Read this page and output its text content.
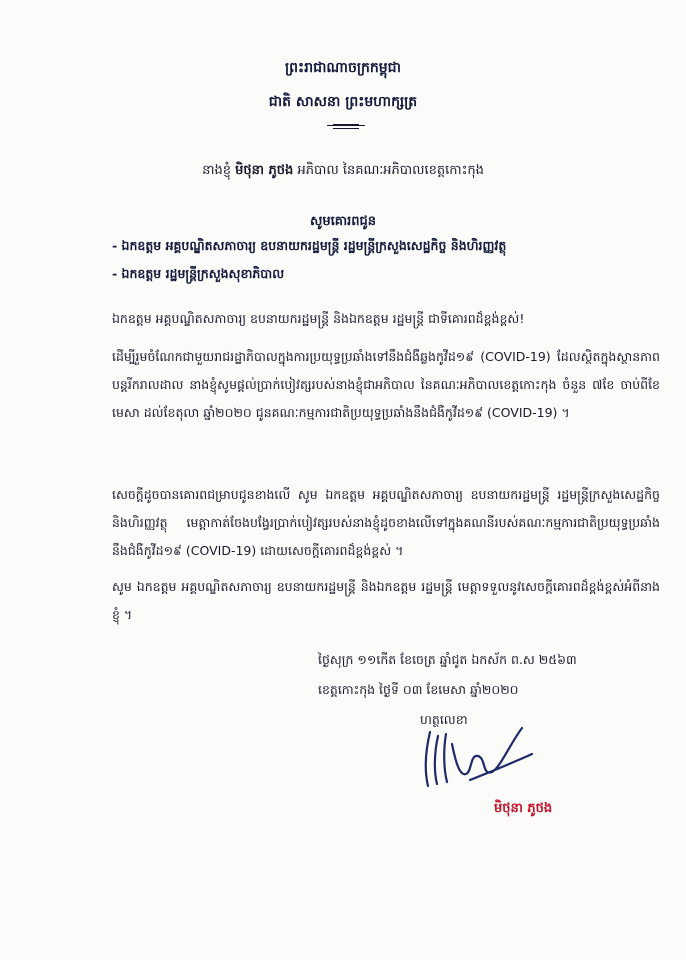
ព្រះរាជាណាចក្រកម្ពុជា
ជាតិ សាសនា ព្រះមហាក្សត្រ
នាងខ្ញុំ មិថុនា ភូថង អភិបាល នៃគណៈអភិបាលខេត្តកោះកុង
សូមគោរពជូន
- ឯកឧត្តម អគ្គបណ្ឌិតសភាចារ្យ ឧបនាយករដ្ឋមន្ត្រី រដ្ឋមន្ត្រីក្រសួងសេដ្ឋកិច្ច និងហិរញ្ញវត្ថុ
- ឯកឧត្តម រដ្ឋមន្ត្រីក្រសួងសុខាភិបាល

ឯកឧត្តម អគ្គបណ្ឌិតសភាចារ្យ ឧបនាយករដ្ឋមន្ត្រី និងឯកឧត្តម រដ្ឋមន្ត្រី ជាទីគោរពដ៏ខ្ពង់ខ្ពស់!

ដើម្បីរួមចំណែកជាមួយរាជរដ្ឋាភិបាលក្នុងការប្រយុទ្ធប្រឆាំងទៅនឹងជំងឺឆ្លងកូវីដ១៩ (COVID-19) ដែលស្ថិតក្នុងស្ថានភាពបន្តរីករាលដាល នាងខ្ញុំសូមផ្តល់ប្រាក់បៀវត្សរបស់នាងខ្ញុំជាអភិបាល នៃគណៈអភិបាលខេត្តកោះកុង ចំនួន ៧ខែ ចាប់ពីខែមេសា ដល់ខែតុលា ឆ្នាំ២០២០ ជូនគណៈកម្មការជាតិប្រយុទ្ធប្រឆាំងនឹងជំងឺកូវីដ១៩ (COVID-19) ។

សេចក្តីដូចបានគោរពជម្រាបជូនខាងលើ សូម ឯកឧត្តម អគ្គបណ្ឌិតសភាចារ្យ ឧបនាយករដ្ឋមន្ត្រី រដ្ឋមន្ត្រីក្រសួងសេដ្ឋកិច្ច និងហិរញ្ញវត្ថុ មេត្តាកាត់ចែងបង្វែរប្រាក់បៀវត្សរបស់នាងខ្ញុំដូចខាងលើទៅក្នុងគណនីរបស់គណៈកម្មការជាតិប្រយុទ្ធប្រឆាំង នឹងជំងឺកូវីដ១៩ (COVID-19) ដោយសេចក្តីគោរពដ៏ខ្ពង់ខ្ពស់ ។

សូម ឯកឧត្តម អគ្គបណ្ឌិតសភាចារ្យ ឧបនាយករដ្ឋមន្ត្រី និងឯកឧត្តម រដ្ឋមន្ត្រី មេត្តាទទួលនូវសេចក្តីគោរពដ៏ខ្ពង់ខ្ពស់អំពីនាងខ្ញុំ ។

ថ្ងៃសុក្រ ១១កើត ខែចេត្រ ឆ្នាំជូត ឯកស័ក ព.ស ២៥៦៣
ខេត្តកោះកុង ថ្ងៃទី ០៣ ខែមេសា ឆ្នាំ២០២០
ហត្ថលេខា
មិថុនា ភូថង
